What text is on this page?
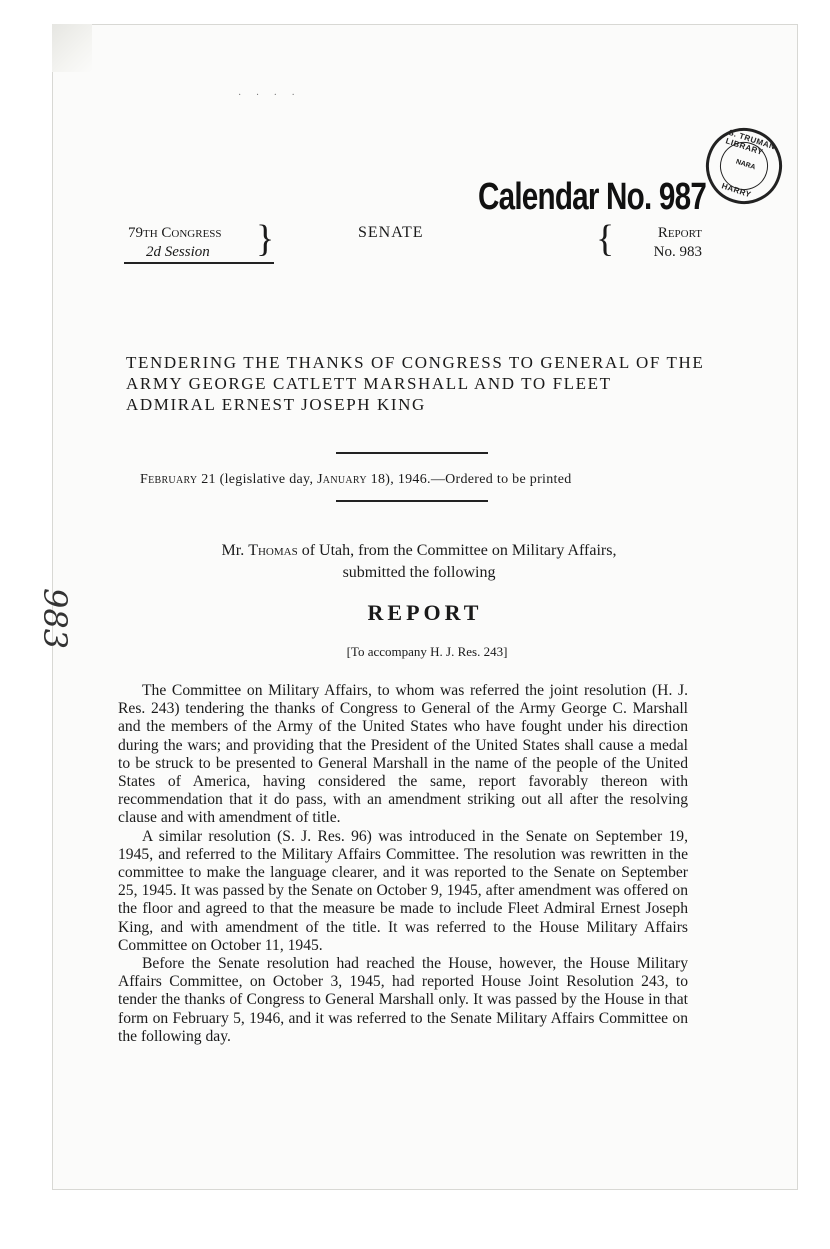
· · · ·
S. TRUMAN LIBRARY
NARA
HARRY
Calendar No. 987
79th Congress
2d Session	}	SENATE	{	Report
No. 983
TENDERING THE THANKS OF CONGRESS TO GENERAL OF THE ARMY GEORGE CATLETT MARSHALL AND TO FLEET ADMIRAL ERNEST JOSEPH KING
February 21 (legislative day, January 18), 1946.—Ordered to be printed
Mr. Thomas of Utah, from the Committee on Military Affairs,
submitted the following
REPORT
[To accompany H. J. Res. 243]
983

The Committee on Military Affairs, to whom was referred the joint resolution (H. J. Res. 243) tendering the thanks of Congress to General of the Army George C. Marshall and the members of the Army of the United States who have fought under his direction during the wars; and providing that the President of the United States shall cause a medal to be struck to be presented to General Marshall in the name of the people of the United States of America, having considered the same, report favorably thereon with recommendation that it do pass, with an amendment striking out all after the resolving clause and with amendment of title.

A similar resolution (S. J. Res. 96) was introduced in the Senate on September 19, 1945, and referred to the Military Affairs Committee. The resolution was rewritten in the committee to make the language clearer, and it was reported to the Senate on September 25, 1945. It was passed by the Senate on October 9, 1945, after amendment was offered on the floor and agreed to that the measure be made to include Fleet Admiral Ernest Joseph King, and with amendment of the title. It was referred to the House Military Affairs Committee on October 11, 1945.

Before the Senate resolution had reached the House, however, the House Military Affairs Committee, on October 3, 1945, had reported House Joint Resolution 243, to tender the thanks of Congress to General Marshall only. It was passed by the House in that form on February 5, 1946, and it was referred to the Senate Military Affairs Committee on the following day.
